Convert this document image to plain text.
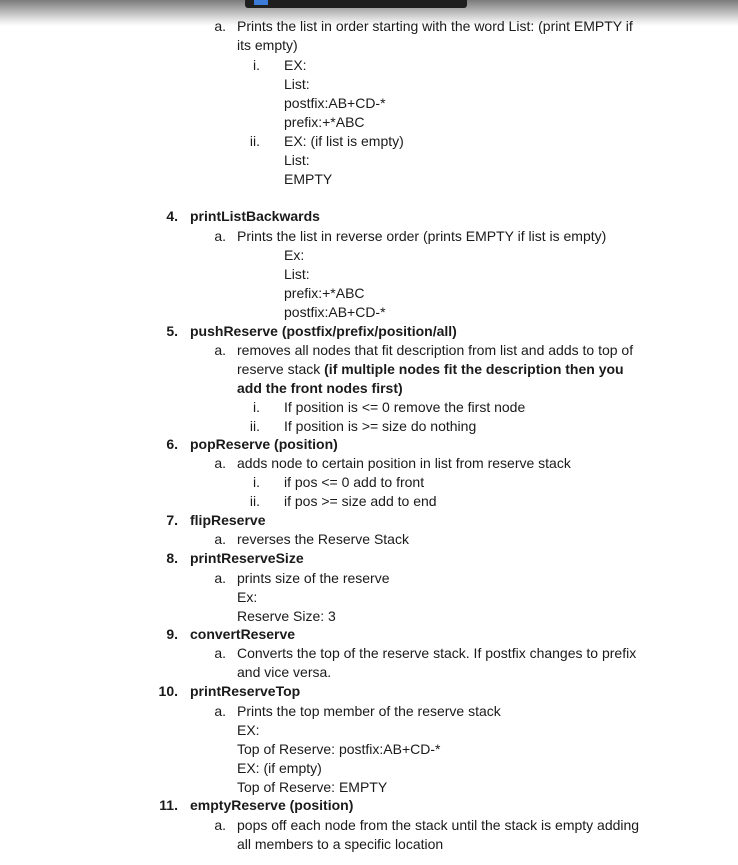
a. Prints the list in order starting with the word List: (print EMPTY if
its empty)
i. EX:
List:
postfix:AB+CD-*
prefix:+*ABC
ii. EX: (if list is empty)
List:
EMPTY
4. printListBackwards
a. Prints the list in reverse order (prints EMPTY if list is empty)
Ex:
List:
prefix:+*ABC
postfix:AB+CD-*
5. pushReserve (postfix/prefix/position/all)
a. removes all nodes that fit description from list and adds to top of
reserve stack (if multiple nodes fit the description then you
add the front nodes first)
i. If position is <= 0 remove the first node
ii. If position is >= size do nothing
6. popReserve (position)
a. adds node to certain position in list from reserve stack
i. if pos <= 0 add to front
ii. if pos >= size add to end
7. flipReserve
a. reverses the Reserve Stack
8. printReserveSize
a. prints size of the reserve
Ex:
Reserve Size: 3
9. convertReserve
a. Converts the top of the reserve stack. If postfix changes to prefix
and vice versa.
10. printReserveTop
a. Prints the top member of the reserve stack
EX:
Top of Reserve: postfix:AB+CD-*
EX: (if empty)
Top of Reserve: EMPTY
11. emptyReserve (position)
a. pops off each node from the stack until the stack is empty adding
all members to a specific location
